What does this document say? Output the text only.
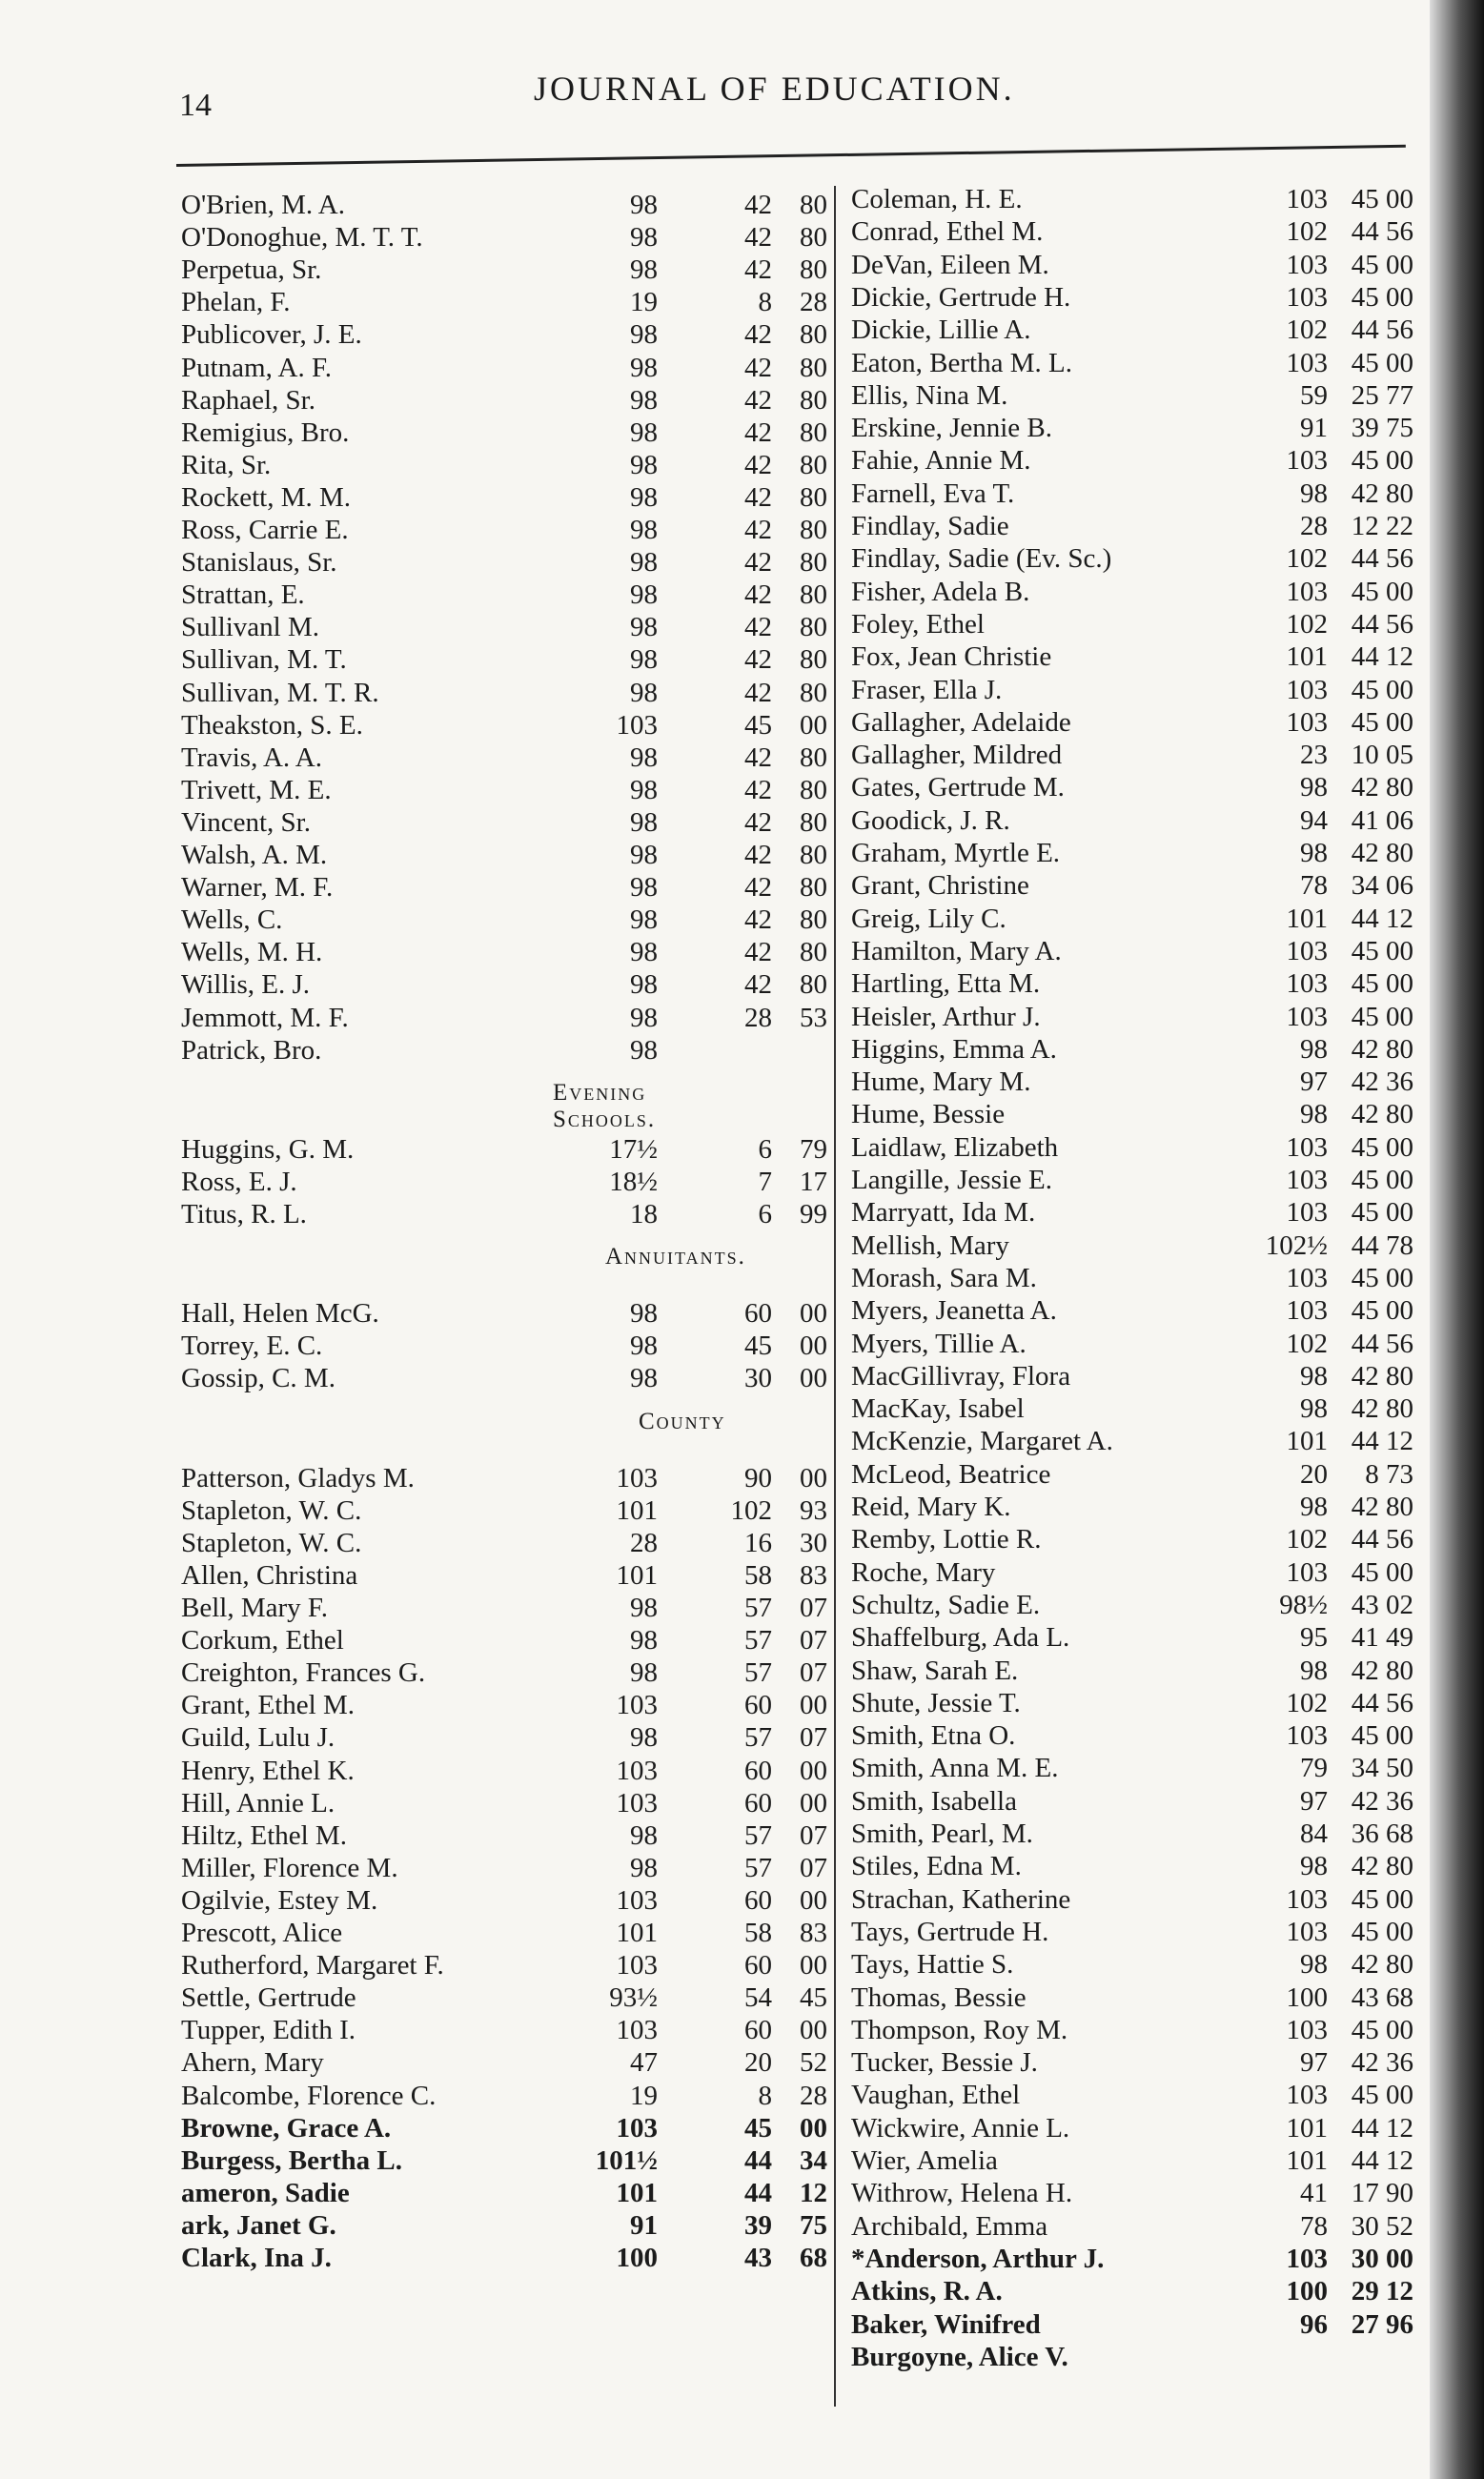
14	JOURNAL OF EDUCATION.
O'Brien, M. A.	98	42	80
O'Donoghue, M. T. T.	98	42	80
Perpetua, Sr.	98	42	80
Phelan, F.	19	8	28
Publicover, J. E.	98	42	80
Putnam, A. F.	98	42	80
Raphael, Sr.	98	42	80
Remigius, Bro.	98	42	80
Rita, Sr.	98	42	80
Rockett, M. M.	98	42	80
Ross, Carrie E.	98	42	80
Stanislaus, Sr.	98	42	80
Strattan, E.	98	42	80
Sullivanl M.	98	42	80
Sullivan, M. T.	98	42	80
Sullivan, M. T. R.	98	42	80
Theakston, S. E.	103	45	00
Travis, A. A.	98	42	80
Trivett, M. E.	98	42	80
Vincent, Sr.	98	42	80
Walsh, A. M.	98	42	80
Warner, M. F.	98	42	80
Wells, C.	98	42	80
Wells, M. H.	98	42	80
Willis, E. J.	98	42	80
Jemmott, M. F.	98	28	53
Patrick, Bro.	98
Evening Schools.
Huggins, G. M.	17½	6	79
Ross, E. J.	18½	7	17
Titus, R. L.	18	6	99
Annuitants.
Hall, Helen McG.	98	60	00
Torrey, E. C.	98	45	00
Gossip, C. M.	98	30	00
County
Patterson, Gladys M.	103	90	00
Stapleton, W. C.	101	102	93
Stapleton, W. C.	28	16	30
Allen, Christina	101	58	83
Bell, Mary F.	98	57	07
Corkum, Ethel	98	57	07
Creighton, Frances G.	98	57	07
Grant, Ethel M.	103	60	00
Guild, Lulu J.	98	57	07
Henry, Ethel K.	103	60	00
Hill, Annie L.	103	60	00
Hiltz, Ethel M.	98	57	07
Miller, Florence M.	98	57	07
Ogilvie, Estey M.	103	60	00
Prescott, Alice	101	58	83
Rutherford, Margaret F.	103	60	00
Settle, Gertrude	93½	54	45
Tupper, Edith I.	103	60	00
Ahern, Mary	47	20	52
Balcombe, Florence C.	19	8	28
Browne, Grace A.	103	45	00
Burgess, Bertha L.	101½	44	34
ameron, Sadie	101	44	12
ark, Janet G.	91	39	75
Clark, Ina J.	100	43	68
Coleman, H. E.	103 45 00
Conrad, Ethel M.	102 44 56
DeVan, Eileen M.	103 45 00
Dickie, Gertrude H.	103 45 00
Dickie, Lillie A.	102 44 56
Eaton, Bertha M. L.	103 45 00
Ellis, Nina M.	59 25 77
Erskine, Jennie B.	91 39 75
Fahie, Annie M.	103 45 00
Farnell, Eva T.	98 42 80
Findlay, Sadie	28 12 22
Findlay, Sadie (Ev. Sc.)	102 44 56
Fisher, Adela B.	103 45 00
Foley, Ethel	102 44 56
Fox, Jean Christie	101 44 12
Fraser, Ella J.	103 45 00
Gallagher, Adelaide	103 45 00
Gallagher, Mildred	23 10 05
Gates, Gertrude M.	98 42 80
Goodick, J. R.	94 41 06
Graham, Myrtle E.	98 42 80
Grant, Christine	78 34 06
Greig, Lily C.	101 44 12
Hamilton, Mary A.	103 45 00
Hartling, Etta M.	103 45 00
Heisler, Arthur J.	103 45 00
Higgins, Emma A.	98 42 80
Hume, Mary M.	97 42 36
Hume, Bessie	98 42 80
Laidlaw, Elizabeth	103 45 00
Langille, Jessie E.	103 45 00
Marryatt, Ida M.	103 45 00
Mellish, Mary	102½ 44 78
Morash, Sara M.	103 45 00
Myers, Jeanetta A.	103 45 00
Myers, Tillie A.	102 44 56
MacGillivray, Flora	98 42 80
MacKay, Isabel	98 42 80
McKenzie, Margaret A.	101 44 12
McLeod, Beatrice	20	8 73
Reid, Mary K.	98 42 80
Remby, Lottie R.	102 44 56
Roche, Mary	103 45 00
Schultz, Sadie E.	98½ 43 02
Shaffelburg, Ada L.	95 41 49
Shaw, Sarah E.	98 42 80
Shute, Jessie T.	102 44 56
Smith, Etna O.	103 45 00
Smith, Anna M. E.	79 34 50
Smith, Isabella	97 42 36
Smith, Pearl, M.	84 36 68
Stiles, Edna M.	98 42 80
Strachan, Katherine	103 45 00
Tays, Gertrude H.	103 45 00
Tays, Hattie S.	98 42 80
Thomas, Bessie	100 43 68
Thompson, Roy M.	103 45 00
Tucker, Bessie J.	97 42 36
Vaughan, Ethel	103 45 00
Wickwire, Annie L.	101 44 12
Wier, Amelia	101 44 12
Withrow, Helena H.	41 17 90
Archibald, Emma	78 30 52
*Anderson, Arthur J.	103 30 00
Atkins, R. A.	100 29 12
Baker, Winifred	96 27 96
Burgoyne, Alice V.
